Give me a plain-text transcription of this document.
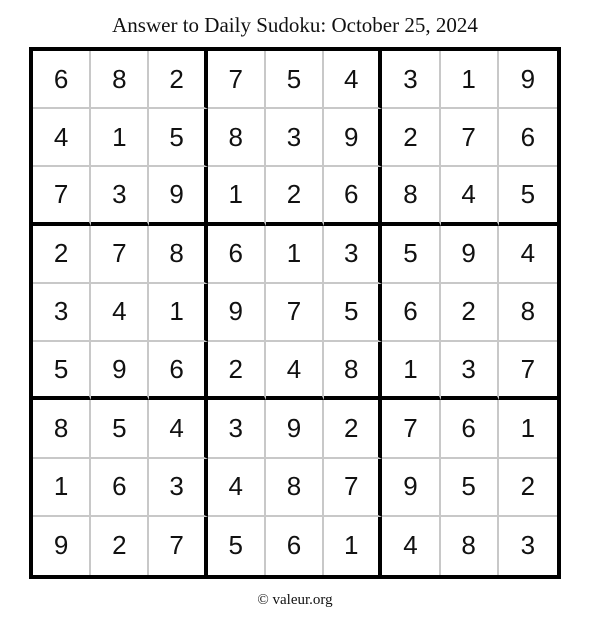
Answer to Daily Sudoku: October 25, 2024
6	8	2	7	5	4	3	1	9
4	1	5	8	3	9	2	7	6
7	3	9	1	2	6	8	4	5
2	7	8	6	1	3	5	9	4
3	4	1	9	7	5	6	2	8
5	9	6	2	4	8	1	3	7
8	5	4	3	9	2	7	6	1
1	6	3	4	8	7	9	5	2
9	2	7	5	6	1	4	8	3
© valeur.org
